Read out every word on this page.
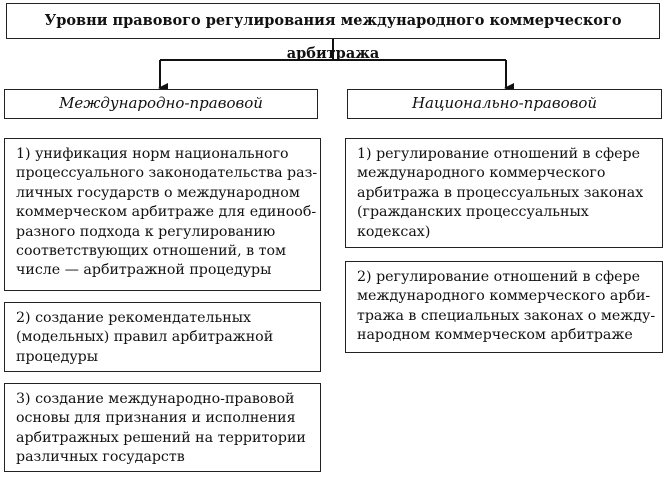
Уровни правового регулирования международного коммерческого арбитража
Международно-правовой	Национально-правовой
1) унификация норм национального
процессуального законодательства раз-
личных государств о международном
коммерческом арбитраже для единооб-
разного подхода к регулированию
соответствующих отношений, в том
числе — арбитражной процедуры
2) создание рекомендательных
(модельных) правил арбитражной
процедуры
3) создание международно-правовой
основы для признания и исполнения
арбитражных решений на территории
различных государств
1) регулирование отношений в сфере
международного коммерческого
арбитража в процессуальных законах
(гражданских процессуальных
кодексах)
2) регулирование отношений в сфере
международного коммерческого арби-
тража в специальных законах о между-
народном коммерческом арбитраже
